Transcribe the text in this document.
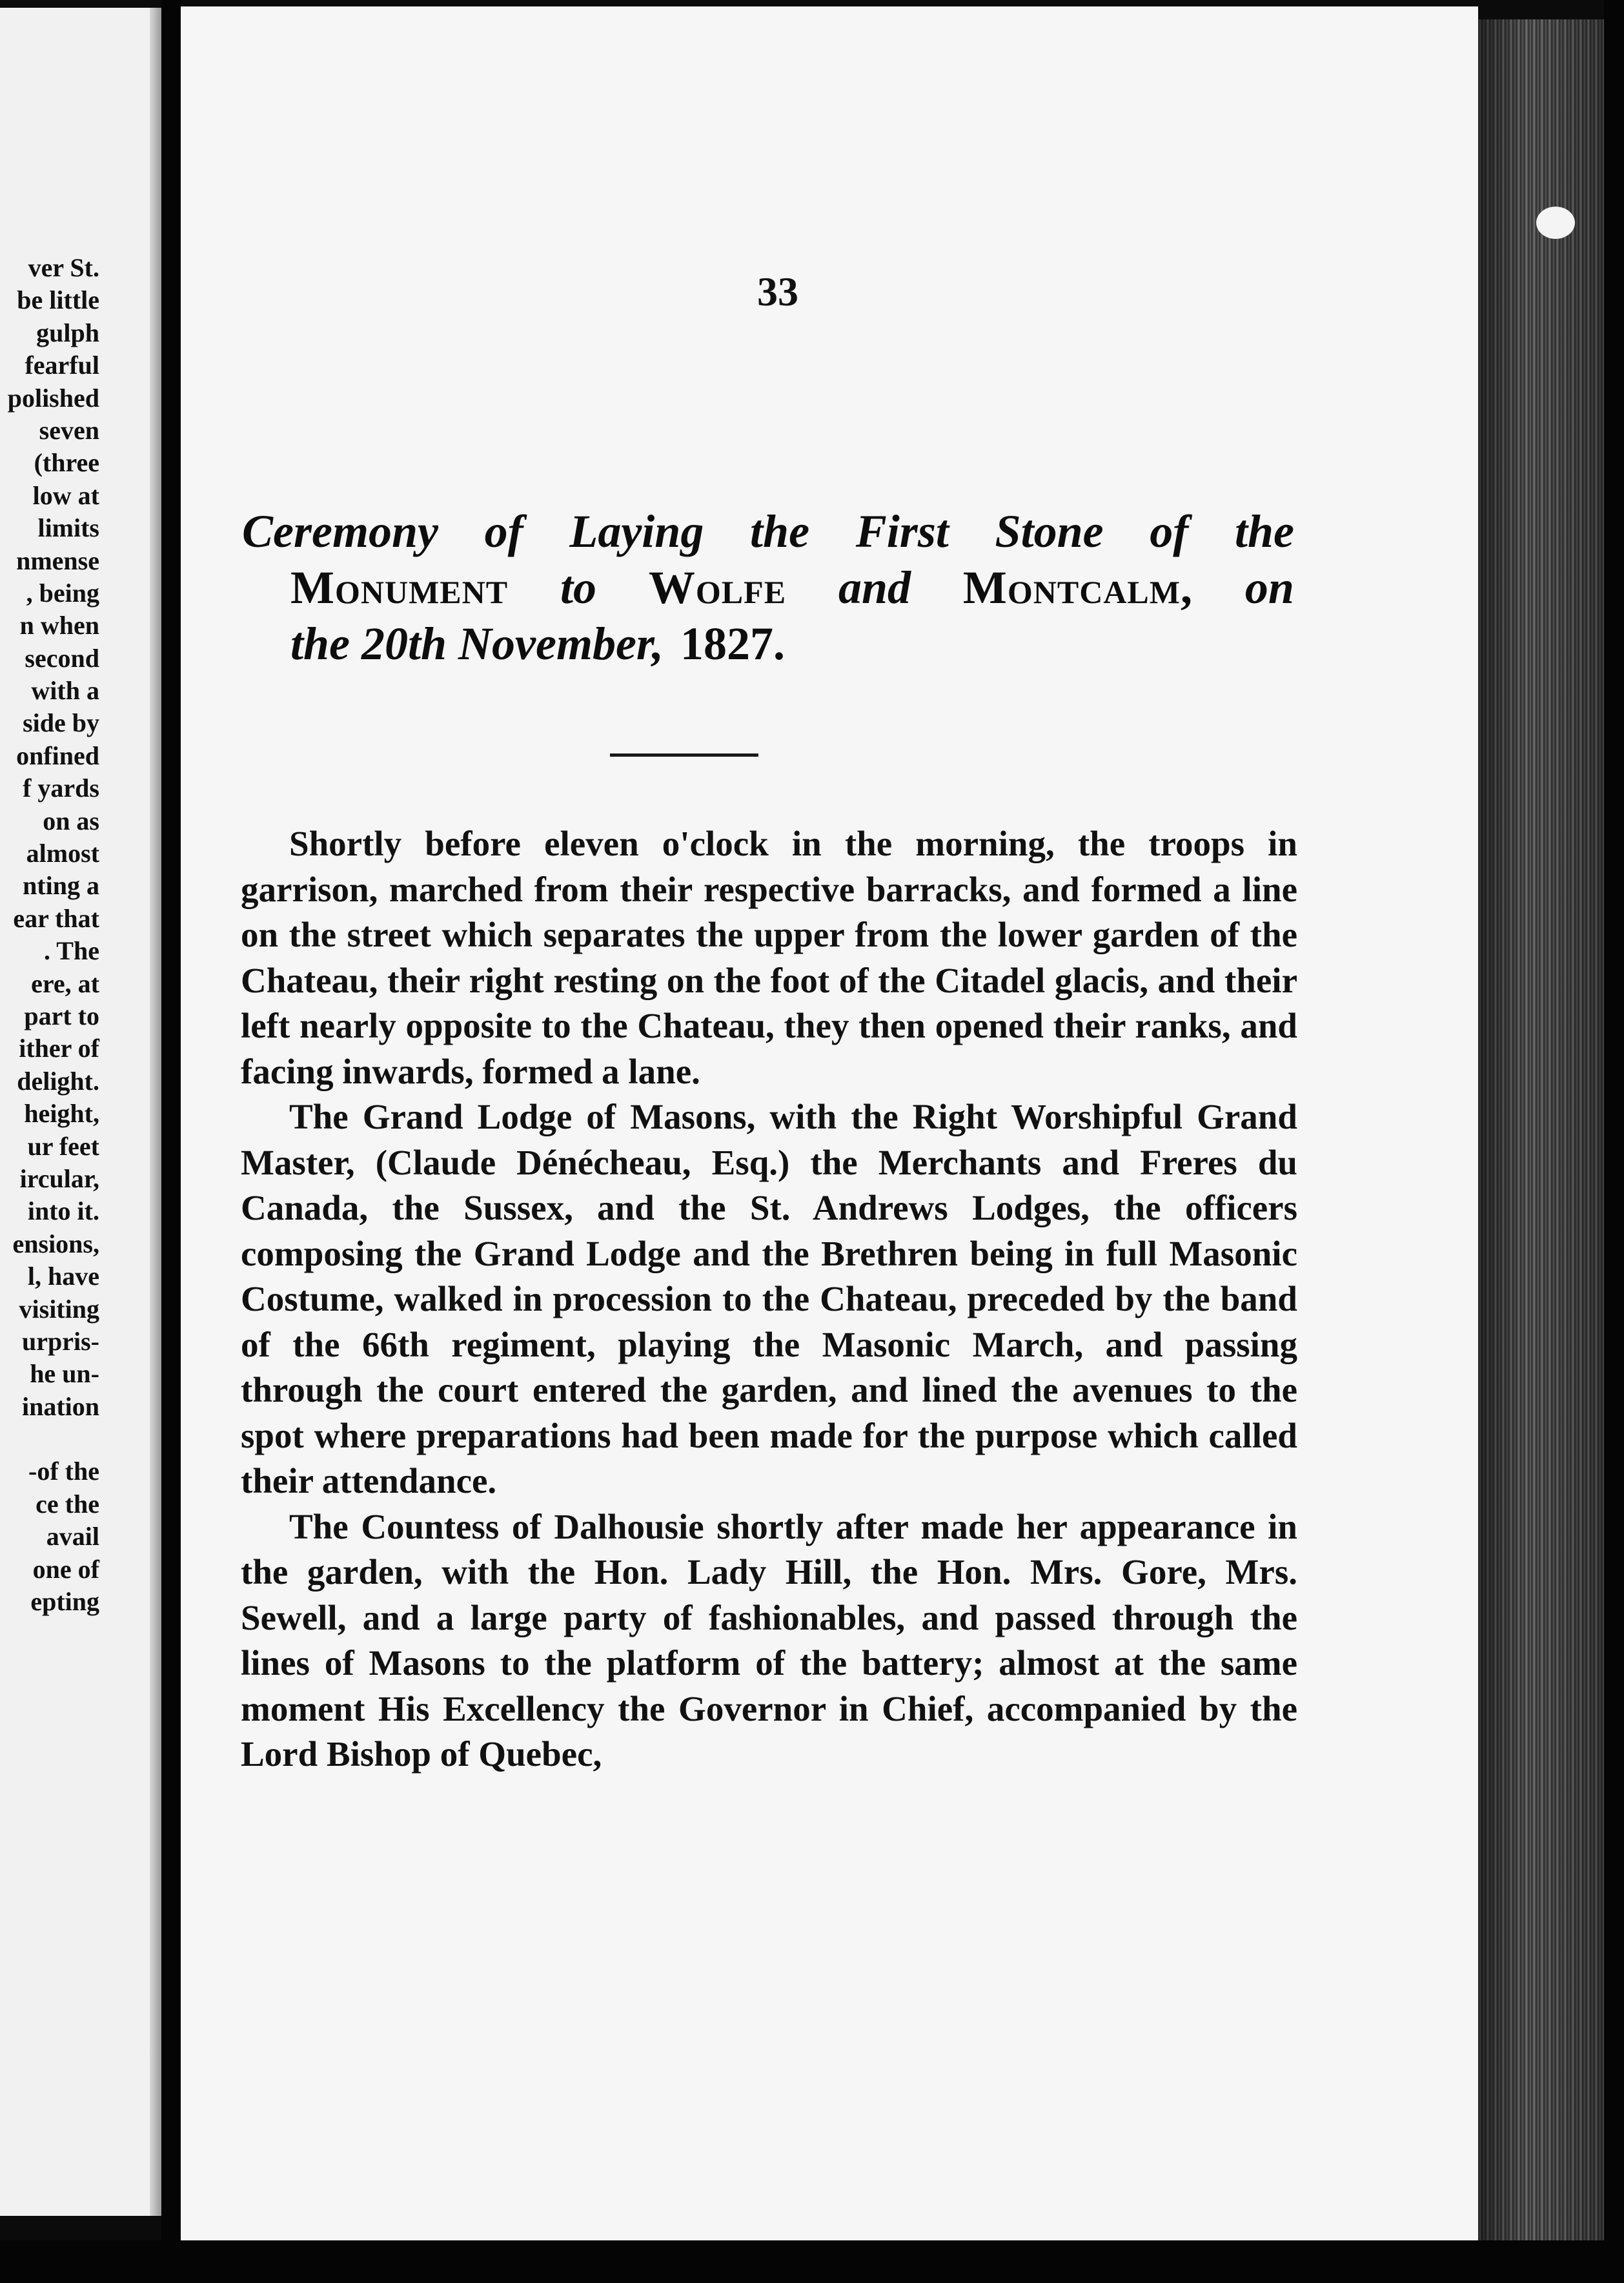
ver St.
be little
gulph
fearful
polished
seven
(three
low at
limits
nmense
, being
n when
second
with a
side by
onfined
f yards
on as
almost
nting a
ear that
. The
ere, at
part to
ither of
delight.
height,
ur feet
ircular,
into it.
ensions,
l, have
visiting
urpris-
he un-
ination
-of the
ce the
avail
one of
epting
33
Ceremony of Laying the First Stone of the
Monument to Wolfe and Montcalm, on
the 20th November, 1827.

Shortly before eleven o'clock in the morning, the troops in garrison, marched from their respective barracks, and formed a line on the street which separates the upper from the lower garden of the Chateau, their right resting on the foot of the Citadel glacis, and their left nearly opposite to the Chateau, they then opened their ranks, and facing inwards, formed a lane.

The Grand Lodge of Masons, with the Right Worshipful Grand Master, (Claude Dénécheau, Esq.) the Merchants and Freres du Canada, the Sussex, and the St. Andrews Lodges, the officers composing the Grand Lodge and the Brethren being in full Masonic Costume, walked in procession to the Chateau, preceded by the band of the 66th regiment, playing the Masonic March, and passing through the court entered the garden, and lined the avenues to the spot where preparations had been made for the purpose which called their attendance.

The Countess of Dalhousie shortly after made her appearance in the garden, with the Hon. Lady Hill, the Hon. Mrs. Gore, Mrs. Sewell, and a large party of fashionables, and passed through the lines of Masons to the platform of the battery; almost at the same moment His Excellency the Governor in Chief, accompanied by the Lord Bishop of Quebec,
